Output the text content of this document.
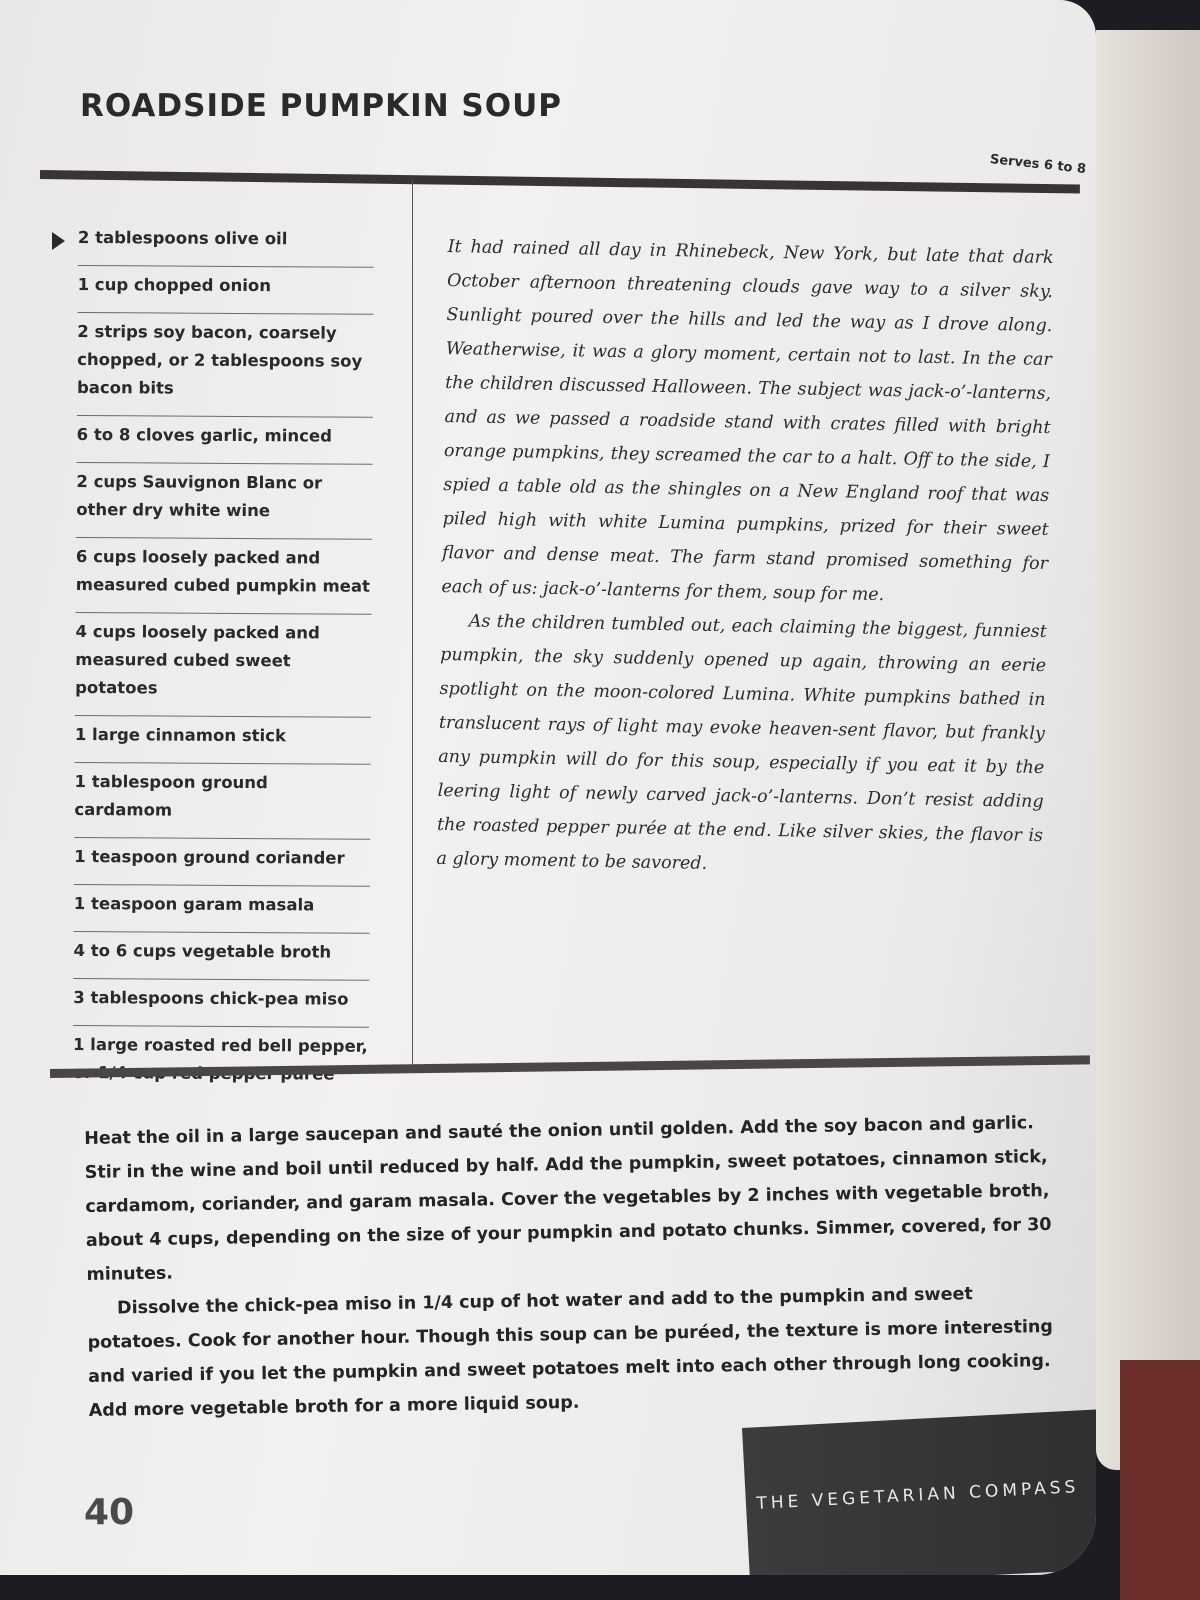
ROADSIDE PUMPKIN SOUP
Serves 6 to 8
2 tablespoons olive oil
1 cup chopped onion
2 strips soy bacon, coarsely chopped, or 2 tablespoons soy bacon bits
6 to 8 cloves garlic, minced
2 cups Sauvignon Blanc or other dry white wine
6 cups loosely packed and measured cubed pumpkin meat
4 cups loosely packed and measured cubed sweet potatoes
1 large cinnamon stick
1 tablespoon ground cardamom
1 teaspoon ground coriander
1 teaspoon garam masala
4 to 6 cups vegetable broth
3 tablespoons chick-pea miso
1 large roasted red bell pepper,

It had rained all day in Rhinebeck, New York, but late that dark October afternoon threatening clouds gave way to a silver sky. Sunlight poured over the hills and led the way as I drove along. Weatherwise, it was a glory moment, certain not to last. In the car the children discussed Halloween. The subject was jack-o’-lanterns, and as we passed a roadside stand with crates filled with bright orange pumpkins, they screamed the car to a halt. Off to the side, I spied a table old as the shingles on a New England roof that was piled high with white Lumina pumpkins, prized for their sweet flavor and dense meat. The farm stand promised something for each of us: jack-o’-lanterns for them, soup for me.

As the children tumbled out, each claiming the biggest, funniest pumpkin, the sky suddenly opened up again, throwing an eerie spotlight on the moon-colored Lumina. White pumpkins bathed in translucent rays of light may evoke heaven-sent flavor, but frankly any pumpkin will do for this soup, especially if you eat it by the leering light of newly carved jack-o’-lanterns. Don’t resist adding the roasted pepper purée at the end. Like silver skies, the flavor is a glory moment to be savored.

Heat the oil in a large saucepan and sauté the onion until golden. Add the soy bacon and garlic. Stir in the wine and boil until reduced by half. Add the pumpkin, sweet potatoes, cinnamon stick, cardamom, coriander, and garam masala. Cover the vegetables by 2 inches with vegetable broth, about 4 cups, depending on the size of your pumpkin and potato chunks. Simmer, covered, for 30 minutes.

Dissolve the chick-pea miso in 1/4 cup of hot water and add to the pumpkin and sweet potatoes. Cook for another hour. Though this soup can be puréed, the texture is more interesting and varied if you let the pumpkin and sweet potatoes melt into each other through long cooking. Add more vegetable broth for a more liquid soup.

40	THE VEGETARIAN COMPASS
